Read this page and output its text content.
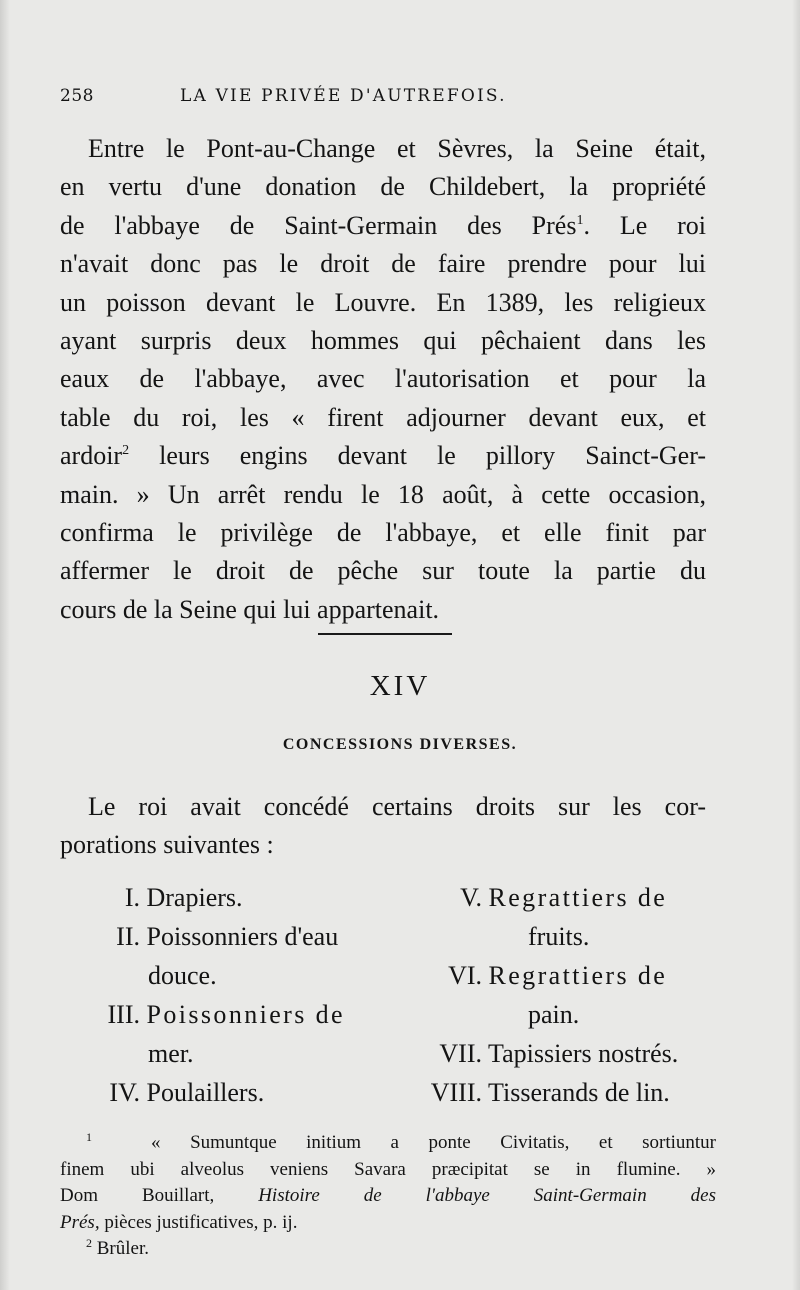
258	LA VIE PRIVÉE D'AUTREFOIS.
Entre le Pont-au-Change et Sèvres, la Seine était,
en vertu d'une donation de Childebert, la propriété
de l'abbaye de Saint-Germain des Prés$^1$. Le roi
n'avait donc pas le droit de faire prendre pour lui
un poisson devant le Louvre. En 1389, les religieux
ayant surpris deux hommes qui pêchaient dans les
eaux de l'abbaye, avec l'autorisation et pour la
table du roi, les « firent adjourner devant eux, et
ardoir$^2$ leurs engins devant le pillory Sainct-Ger-
main. » Un arrêt rendu le 18 août, à cette occasion,
confirma le privilège de l'abbaye, et elle finit par
affermer le droit de pêche sur toute la partie du
cours de la Seine qui lui appartenait.
XIV
CONCESSIONS DIVERSES.
Le roi avait concédé certains droits sur les cor-
porations suivantes :
I. Drapiers.
II. Poissonniers d'eau
douce.
III. Poissonniers de
mer.
IV. Poulaillers.
V. Regrattiers de
fruits.
VI. Regrattiers de
pain.
VII. Tapissiers nostrés.
VIII. Tisserands de lin.
$^1$	« Sumuntque initium a ponte Civitatis, et sortiuntur
finem ubi alveolus veniens Savara præcipitat se in flumine. »
Dom Bouillart, Histoire de l'abbaye Saint-Germain des
Prés, pièces justificatives, p. ij.
$^2$ Brûler.
